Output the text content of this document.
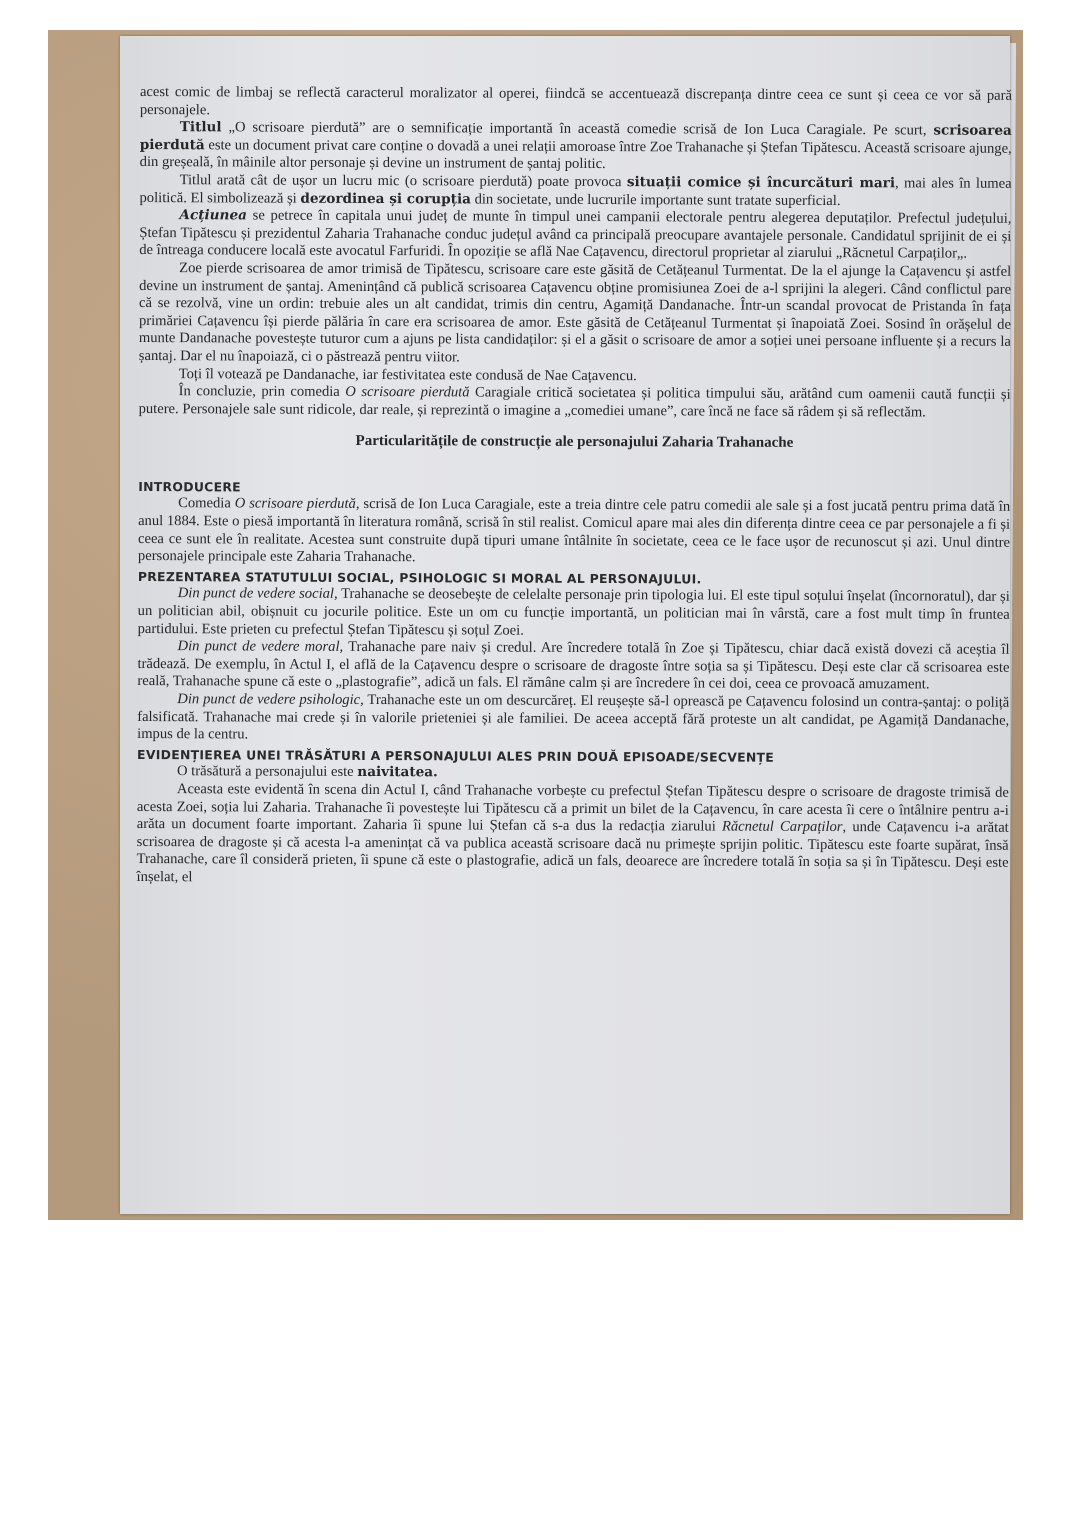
acest comic de limbaj se reflectă caracterul moralizator al operei, fiindcă se accentuează discrepanța dintre ceea ce sunt și ceea ce vor să pară personajele.

Titlul „O scrisoare pierdută” are o semnificație importantă în această comedie scrisă de Ion Luca Caragiale. Pe scurt, scrisoarea pierdută este un document privat care conține o dovadă a unei relații amoroase între Zoe Trahanache și Ștefan Tipătescu. Această scrisoare ajunge, din greșeală, în mâinile altor personaje și devine un instrument de șantaj politic.

Titlul arată cât de ușor un lucru mic (o scrisoare pierdută) poate provoca situații comice și încurcături mari, mai ales în lumea politică. El simbolizează și dezordinea și corupția din societate, unde lucrurile importante sunt tratate superficial.

Acțiunea se petrece în capitala unui județ de munte în timpul unei campanii electorale pentru alegerea deputaților. Prefectul județului, Ștefan Tipătescu și prezidentul Zaharia Trahanache conduc județul având ca principală preocupare avantajele personale. Candidatul sprijinit de ei și de întreaga conducere locală este avocatul Farfuridi. În opoziție se află Nae Cațavencu, directorul proprietar al ziarului „Răcnetul Carpaților„.

Zoe pierde scrisoarea de amor trimisă de Tipătescu, scrisoare care este găsită de Cetățeanul Turmentat. De la el ajunge la Cațavencu și astfel devine un instrument de șantaj. Amenințând că publică scrisoarea Cațavencu obține promisiunea Zoei de a-l sprijini la alegeri. Când conflictul pare că se rezolvă, vine un ordin: trebuie ales un alt candidat, trimis din centru, Agamiță Dandanache. Într-un scandal provocat de Pristanda în fața primăriei Cațavencu își pierde pălăria în care era scrisoarea de amor. Este găsită de Cetățeanul Turmentat și înapoiată Zoei. Sosind în orășelul de munte Dandanache povestește tuturor cum a ajuns pe lista candidaților: și el a găsit o scrisoare de amor a soției unei persoane influente și a recurs la șantaj. Dar el nu înapoiază, ci o păstrează pentru viitor.

Toți îl votează pe Dandanache, iar festivitatea este condusă de Nae Cațavencu.

În concluzie, prin comedia O scrisoare pierdută Caragiale critică societatea și politica timpului său, arătând cum oamenii caută funcții și putere. Personajele sale sunt ridicole, dar reale, și reprezintă o imagine a „comediei umane”, care încă ne face să râdem și să reflectăm.

Particularitățile de construcție ale personajului Zaharia Trahanache

INTRODUCERE

Comedia O scrisoare pierdută, scrisă de Ion Luca Caragiale, este a treia dintre cele patru comedii ale sale și a fost jucată pentru prima dată în anul 1884. Este o piesă importantă în literatura română, scrisă în stil realist. Comicul apare mai ales din diferența dintre ceea ce par personajele a fi și ceea ce sunt ele în realitate. Acestea sunt construite după tipuri umane întâlnite în societate, ceea ce le face ușor de recunoscut și azi. Unul dintre personajele principale este Zaharia Trahanache.

PREZENTAREA STATUTULUI SOCIAL, PSIHOLOGIC SI MORAL AL PERSONAJULUI.

Din punct de vedere social, Trahanache se deosebește de celelalte personaje prin tipologia lui. El este tipul soțului înșelat (încornoratul), dar și un politician abil, obișnuit cu jocurile politice. Este un om cu funcție importantă, un politician mai în vârstă, care a fost mult timp în fruntea partidului. Este prieten cu prefectul Ștefan Tipătescu și soțul Zoei.

Din punct de vedere moral, Trahanache pare naiv și credul. Are încredere totală în Zoe și Tipătescu, chiar dacă există dovezi că aceștia îl trădează. De exemplu, în Actul I, el află de la Cațavencu despre o scrisoare de dragoste între soția sa și Tipătescu. Deși este clar că scrisoarea este reală, Trahanache spune că este o „plastografie”, adică un fals. El rămâne calm și are încredere în cei doi, ceea ce provoacă amuzament.

Din punct de vedere psihologic, Trahanache este un om descurcăreț. El reușește să-l oprească pe Cațavencu folosind un contra-șantaj: o poliță falsificată. Trahanache mai crede și în valorile prieteniei și ale familiei. De aceea acceptă fără proteste un alt candidat, pe Agamiță Dandanache, impus de la centru.

EVIDENȚIEREA UNEI TRĂSĂTURI A PERSONAJULUI ALES PRIN DOUĂ EPISOADE/SECVENȚE

O trăsătură a personajului este naivitatea.

Aceasta este evidentă în scena din Actul I, când Trahanache vorbește cu prefectul Ștefan Tipătescu despre o scrisoare de dragoste trimisă de acesta Zoei, soția lui Zaharia. Trahanache îi povestește lui Tipătescu că a primit un bilet de la Cațavencu, în care acesta îi cere o întâlnire pentru a-i arăta un document foarte important. Zaharia îi spune lui Ștefan că s-a dus la redacția ziarului Răcnetul Carpaților, unde Cațavencu i-a arătat scrisoarea de dragoste și că acesta l-a amenințat că va publica această scrisoare dacă nu primește sprijin politic. Tipătescu este foarte supărat, însă Trahanache, care îl consideră prieten, îi spune că este o plastografie, adică un fals, deoarece are încredere totală în soția sa și în Tipătescu. Deși este înșelat, el
